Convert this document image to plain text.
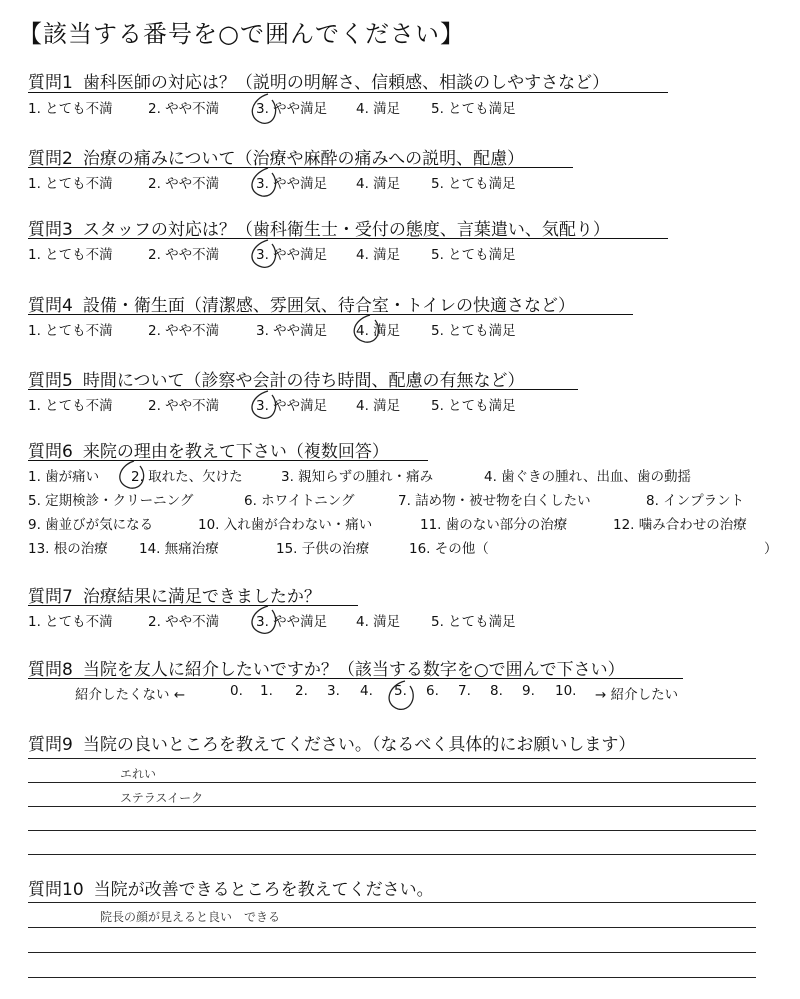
【該当する番号を○で囲んでください】
質問1 歯科医師の対応は？（説明の明解さ、信頼感、相談のしやすさなど）
1. とても不満	2. やや不満	3. やや満足	4. 満足	5. とても満足
質問2 治療の痛みについて（治療や麻酔の痛みへの説明、配慮）
1. とても不満	2. やや不満	3. やや満足	4. 満足	5. とても満足
質問3 スタッフの対応は？（歯科衛生士・受付の態度、言葉遣い、気配り）
1. とても不満	2. やや不満	3. やや満足	4. 満足	5. とても満足
質問4 設備・衛生面（清潔感、雰囲気、待合室・トイレの快適さなど）
1. とても不満	2. やや不満	3. やや満足	4. 満足	5. とても満足
質問5 時間について（診察や会計の待ち時間、配慮の有無など）
1. とても不満	2. やや不満	3. やや満足	4. 満足	5. とても満足
質問6 来院の理由を教えて下さい（複数回答）
1. 歯が痛い	2. 取れた、欠けた	3. 親知らずの腫れ・痛み	4. 歯ぐきの腫れ、出血、歯の動揺
5. 定期検診・クリーニング	6. ホワイトニング	7. 詰め物・被せ物を白くしたい	8. インプラント
9. 歯並びが気になる	10. 入れ歯が合わない・痛い	11. 歯のない部分の治療	12. 噛み合わせの治療
13. 根の治療	14. 無痛治療	15. 子供の治療	16. その他（	）
質問7 治療結果に満足できましたか？
1. とても不満	2. やや不満	3. やや満足	4. 満足	5. とても満足
質問8 当院を友人に紹介したいですか？（該当する数字を○で囲んで下さい）
紹介したくない ←	0. 1. 2. 3. 4. 5. 6. 7. 8. 9. 10. → 紹介したい
質問9 当院の良いところを教えてください。（なるべく具体的にお願いします）
エれい
ステラスイーク
質問10 当院が改善できるところを教えてください。
院長の顔が見えると良い　できる
